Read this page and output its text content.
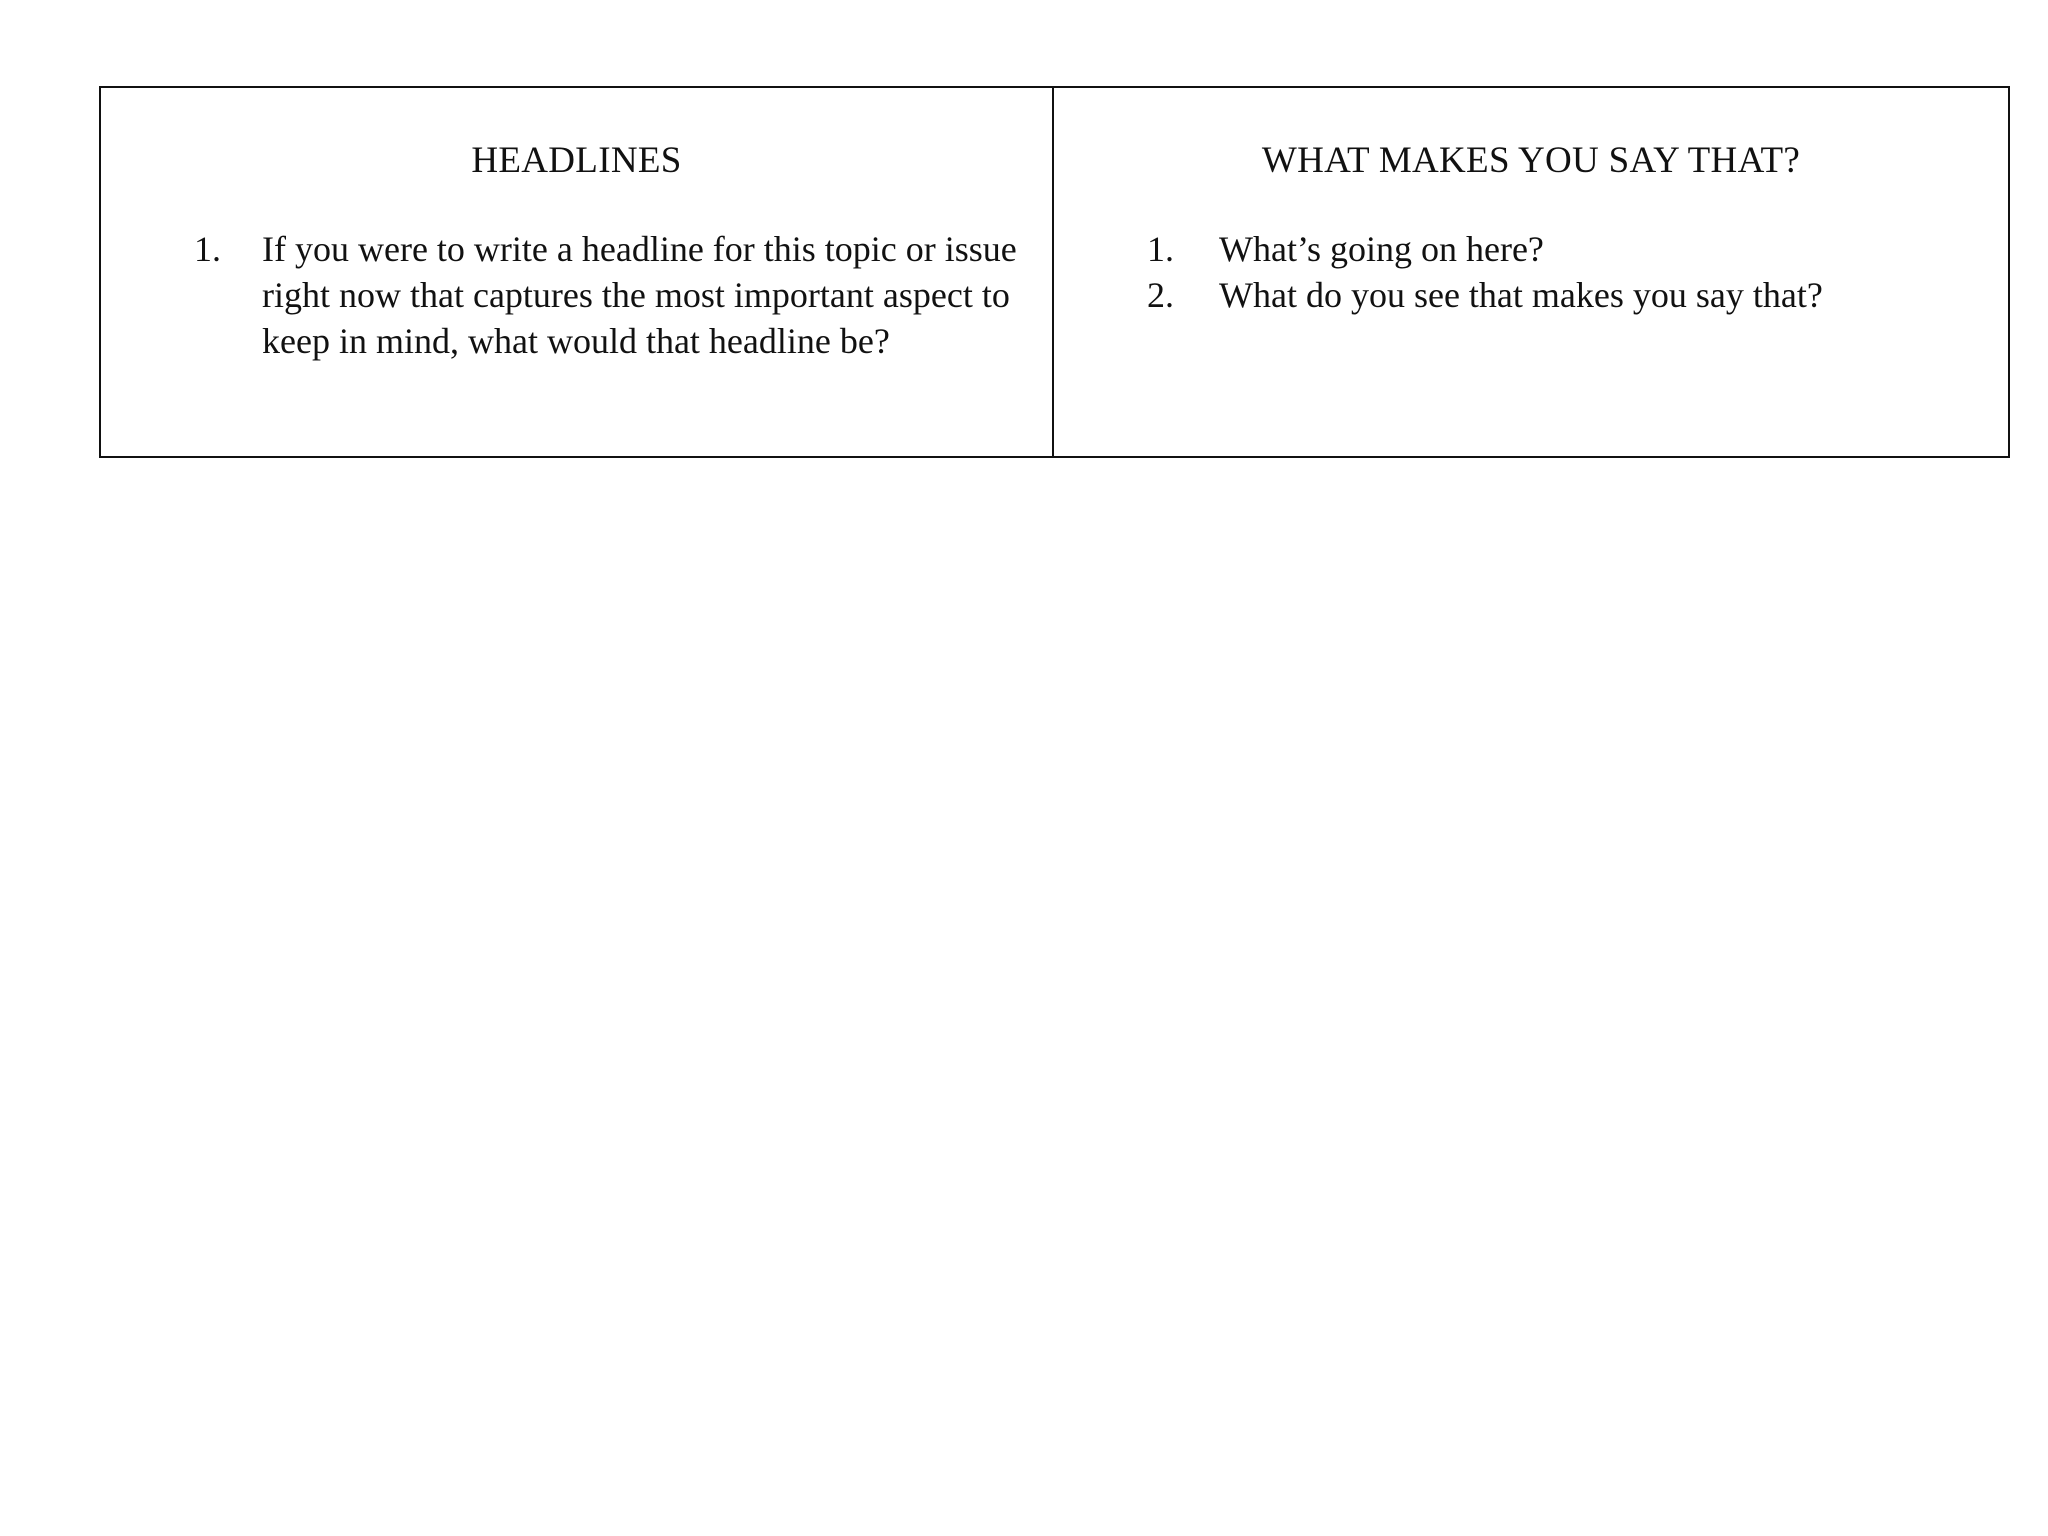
HEADLINES
1.	If you were to write a headline for this topic or issue right now that captures the most important aspect to keep in mind, what would that headline be?

WHAT MAKES YOU SAY THAT?
1.	What’s going on here?
2.	What do you see that makes you say that?
